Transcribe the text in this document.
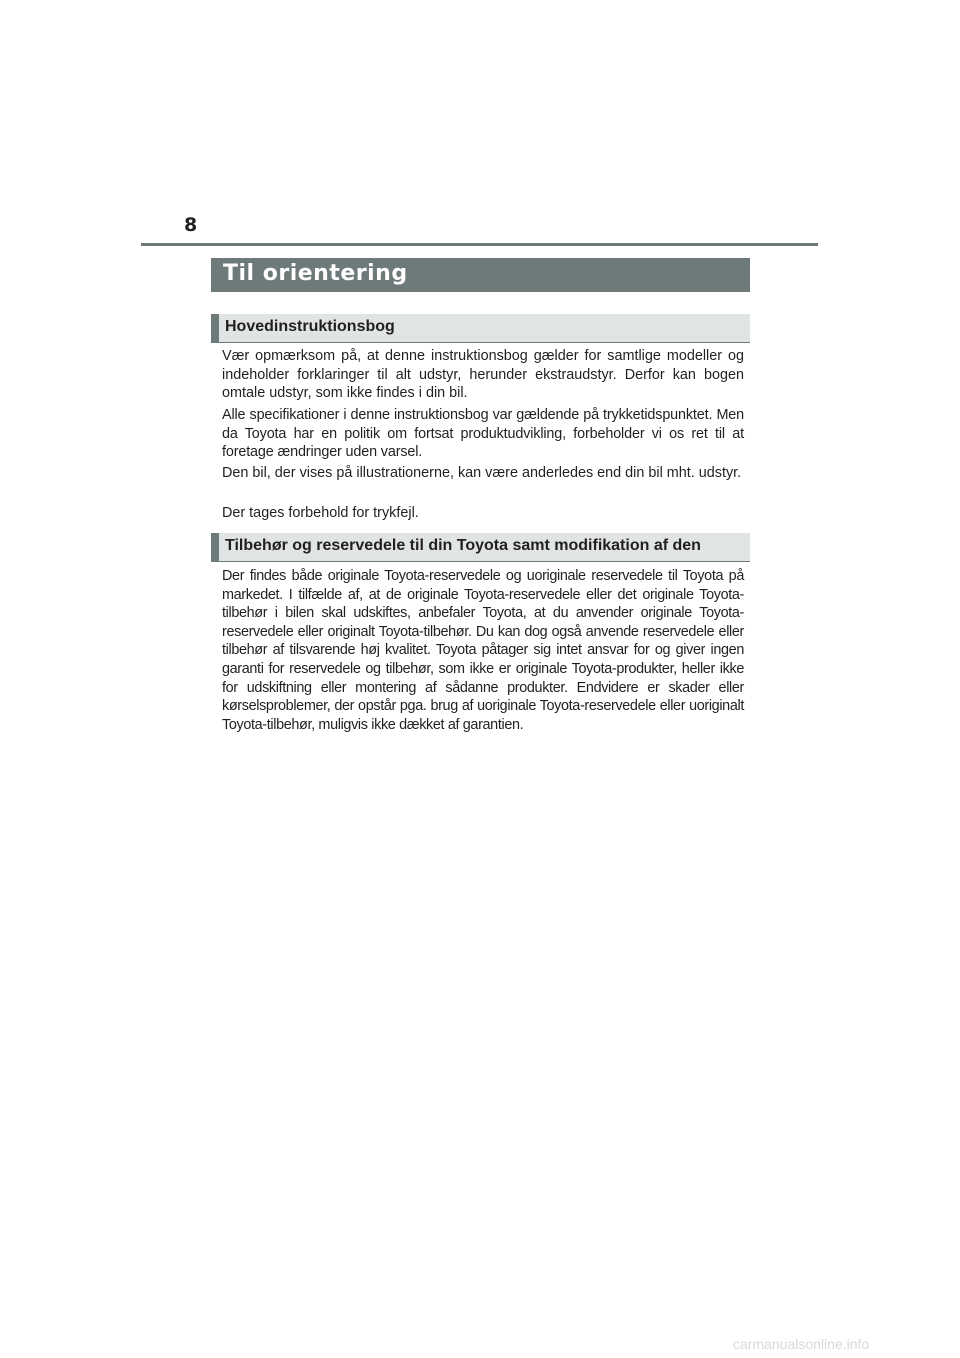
8
Til orientering
Hovedinstruktionsbog

Vær opmærksom på, at denne instruktionsbog gælder for samtlige modeller og indeholder forklaringer til alt udstyr, herunder ekstraudstyr. Derfor kan bogen omtale udstyr, som ikke findes i din bil.

Alle specifikationer i denne instruktionsbog var gældende på trykketidspunktet. Men da Toyota har en politik om fortsat produktudvikling, forbeholder vi os ret til at foretage ændringer uden varsel.

Den bil, der vises på illustrationerne, kan være anderledes end din bil mht. udstyr.

Der tages forbehold for trykfejl.

Tilbehør og reservedele til din Toyota samt modifikation af den

Der findes både originale Toyota-reservedele og uoriginale reservedele til Toyota på markedet. I tilfælde af, at de originale Toyota-reservedele eller det originale Toyota-tilbehør i bilen skal udskiftes, anbefaler Toyota, at du anvender originale Toyota-reservedele eller originalt Toyota-tilbehør. Du kan dog også anvende reservedele eller tilbehør af tilsvarende høj kvalitet. Toyota påtager sig intet ansvar for og giver ingen garanti for reservedele og tilbehør, som ikke er originale Toyota-produkter, heller ikke for udskiftning eller montering af sådanne produkter. Endvidere er skader eller kørselsproblemer, der opstår pga. brug af uoriginale Toyota-reservedele eller uoriginalt Toyota-tilbehør, muligvis ikke dækket af garantien.

carmanualsonline.info
